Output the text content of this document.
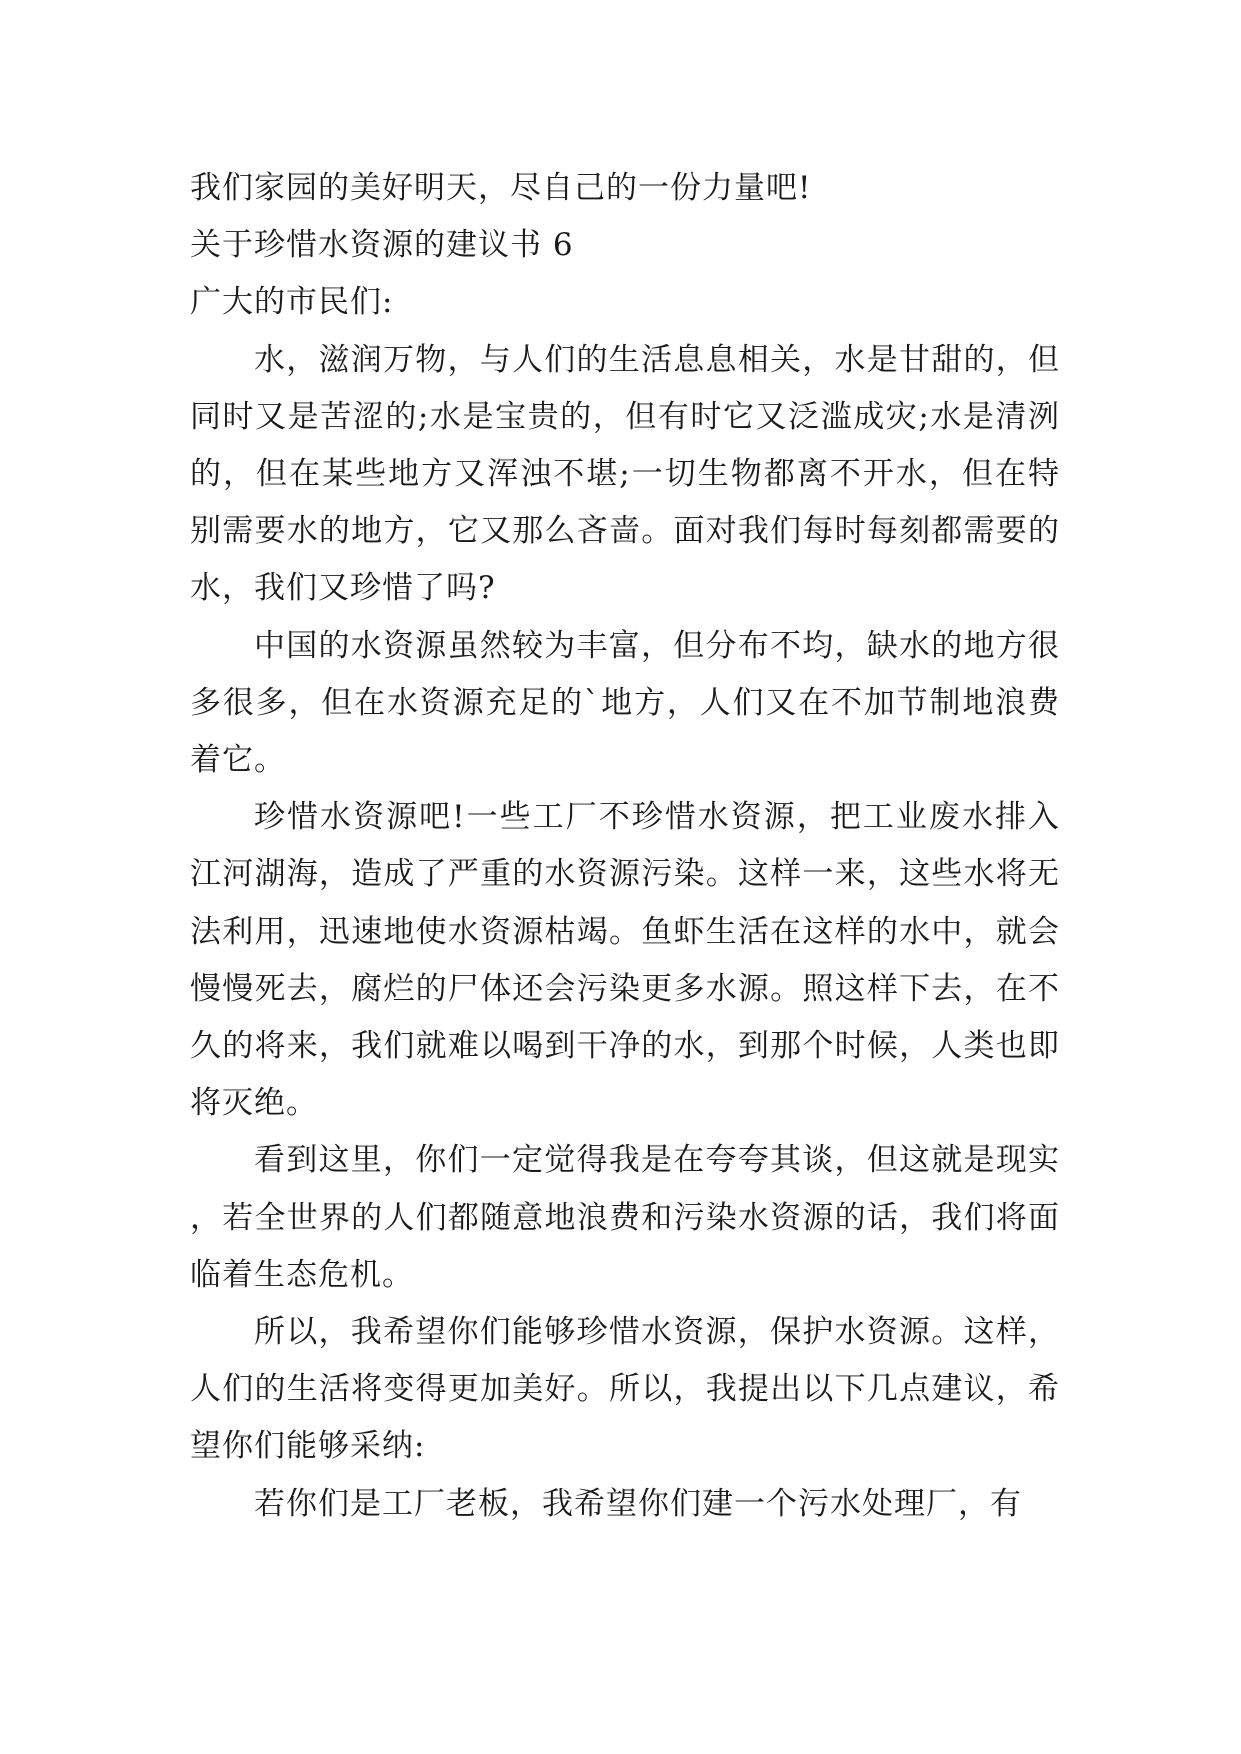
我们家园的美好明天，尽自己的一份力量吧!

关于珍惜水资源的建议书 6

广大的市民们:

水，滋润万物，与人们的生活息息相关，水是甘甜的，但同时又是苦涩的;水是宝贵的，但有时它又泛滥成灾;水是清洌的，但在某些地方又浑浊不堪;一切生物都离不开水，但在特别需要水的地方，它又那么吝啬。面对我们每时每刻都需要的水，我们又珍惜了吗?

中国的水资源虽然较为丰富，但分布不均，缺水的地方很多很多，但在水资源充足的`地方，人们又在不加节制地浪费着它。

珍惜水资源吧!一些工厂不珍惜水资源，把工业废水排入江河湖海，造成了严重的水资源污染。这样一来，这些水将无法利用，迅速地使水资源枯竭。鱼虾生活在这样的水中，就会慢慢死去，腐烂的尸体还会污染更多水源。照这样下去，在不久的将来，我们就难以喝到干净的水，到那个时候，人类也即将灭绝。

看到这里，你们一定觉得我是在夸夸其谈，但这就是现实，若全世界的人们都随意地浪费和污染水资源的话，我们将面临着生态危机。

所以，我希望你们能够珍惜水资源，保护水资源。这样，人们的生活将变得更加美好。所以，我提出以下几点建议，希望你们能够采纳:

若你们是工厂老板，我希望你们建一个污水处理厂，有
